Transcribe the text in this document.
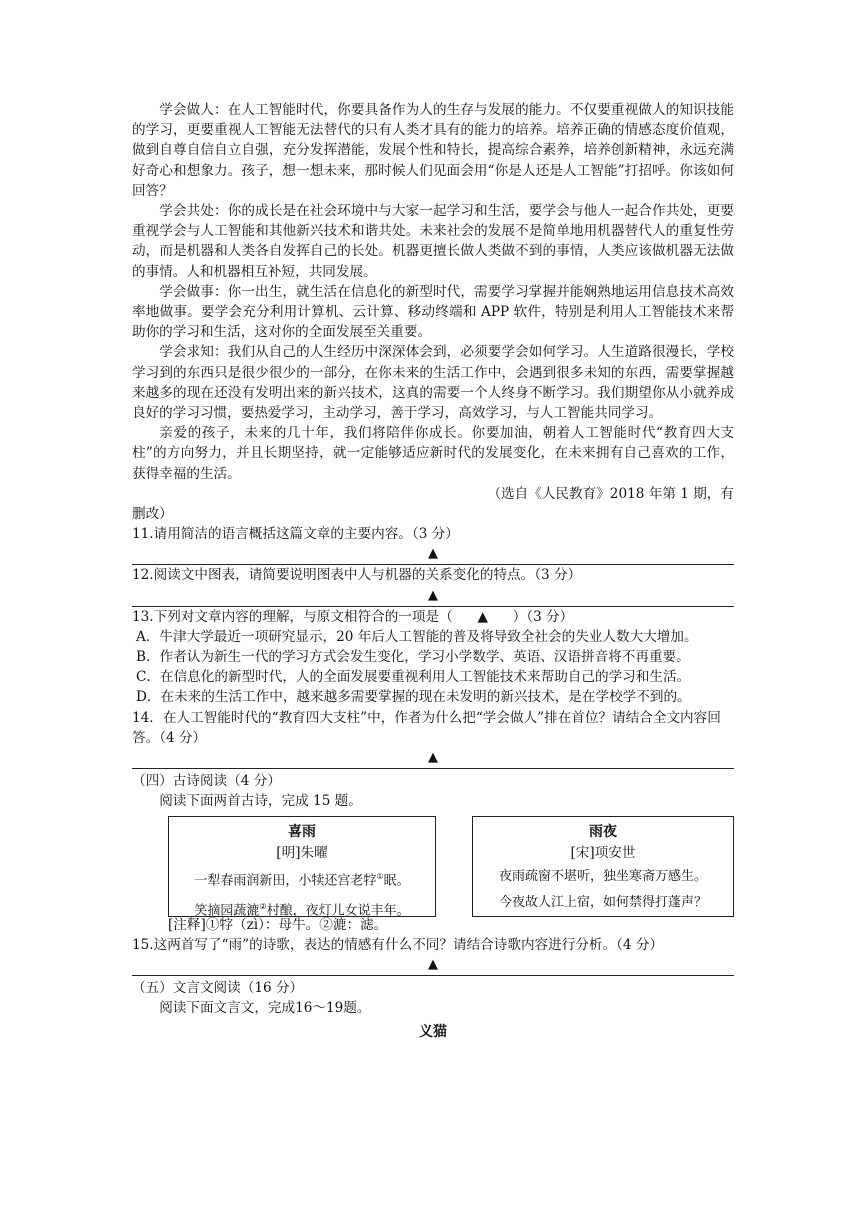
学会做人：在人工智能时代，你要具备作为人的生存与发展的能力。不仅要重视做人的知识技能的学习，更要重视人工智能无法替代的只有人类才具有的能力的培养。培养正确的情感态度价值观，做到自尊自信自立自强，充分发挥潜能，发展个性和特长，提高综合素养，培养创新精神，永远充满好奇心和想象力。孩子，想一想未来，那时候人们见面会用“你是人还是人工智能”打招呼。你该如何回答？

学会共处：你的成长是在社会环境中与大家一起学习和生活，要学会与他人一起合作共处，更要重视学会与人工智能和其他新兴技术和谐共处。未来社会的发展不是简单地用机器替代人的重复性劳动，而是机器和人类各自发挥自己的长处。机器更擅长做人类做不到的事情，人类应该做机器无法做的事情。人和机器相互补短，共同发展。

学会做事：你一出生，就生活在信息化的新型时代，需要学习掌握并能娴熟地运用信息技术高效率地做事。要学会充分利用计算机、云计算、移动终端和 APP 软件，特别是利用人工智能技术来帮助你的学习和生活，这对你的全面发展至关重要。

学会求知：我们从自己的人生经历中深深体会到，必须要学会如何学习。人生道路很漫长，学校学习到的东西只是很少很少的一部分，在你未来的生活工作中，会遇到很多未知的东西，需要掌握越来越多的现在还没有发明出来的新兴技术，这真的需要一个人终身不断学习。我们期望你从小就养成良好的学习习惯，要热爱学习，主动学习，善于学习，高效学习，与人工智能共同学习。

亲爱的孩子，未来的几十年，我们将陪伴你成长。你要加油，朝着人工智能时代“教育四大支柱”的方向努力，并且长期坚持，就一定能够适应新时代的发展变化，在未来拥有自己喜欢的工作，获得幸福的生活。

（选自《人民教育》2018 年第 1 期，有

删改）

11.请用简洁的语言概括这篇文章的主要内容。（3 分）

▲

12.阅读文中图表，请简要说明图表中人与机器的关系变化的特点。（3 分）

▲

13.下列对文章内容的理解，与原文相符合的一项是（ ▲ ）（3 分）

A．牛津大学最近一项研究显示，20 年后人工智能的普及将导致全社会的失业人数大大增加。

B．作者认为新生一代的学习方式会发生变化，学习小学数学、英语、汉语拼音将不再重要。

C．在信息化的新型时代，人的全面发展要重视利用人工智能技术来帮助自己的学习和生活。

D．在未来的生活工作中，越来越多需要掌握的现在未发明的新兴技术，是在学校学不到的。

14．在人工智能时代的“教育四大支柱”中，作者为什么把“学会做人”排在首位？请结合全文内容回答。（4 分）

▲

（四）古诗阅读（4 分）

阅读下面两首古诗，完成 15 题。

喜雨
[明]朱曜
一犁春雨润新田，小犊还宫老牸①眠。
笑摘园蔬漉②村酿，夜灯儿女说丰年。
雨夜
[宋]项安世
夜雨疏窗不堪听，独坐寒斋万感生。
今夜故人江上宿，如何禁得打蓬声？

[注释]①牸（zì）：母牛。②漉：滤。

15.这两首写了“雨”的诗歌，表达的情感有什么不同？请结合诗歌内容进行分析。（4 分）

▲

（五）文言文阅读（16 分）

阅读下面文言文，完成16～19题。

义猫
